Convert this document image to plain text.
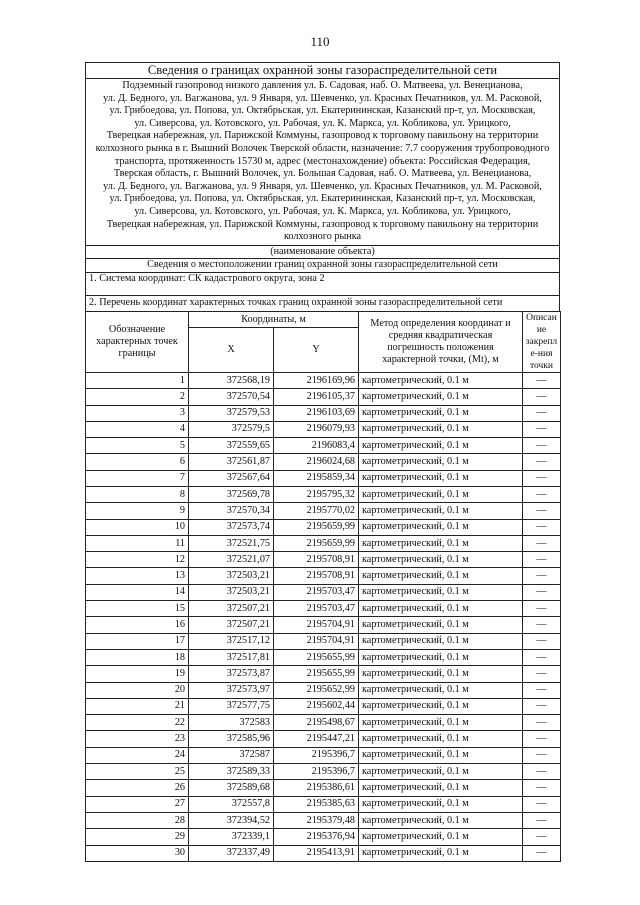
110
Сведения о границах охранной зоны газораспределительной сети

Подземный газопровод низкого давления ул. Б. Садовая, наб. О. Матвеева, ул. Венецианова,
ул. Д. Бедного, ул. Вагжанова, ул. 9 Января, ул. Шевченко, ул. Красных Печатников, ул. М. Расковой,
ул. Грибоедова, ул. Попова, ул. Октябрьская, ул. Екатерининская, Казанский пр-т, ул. Московская,
ул. Сиверсова, ул. Котовского, ул. Рабочая, ул. К. Маркса, ул. Кобликова, ул. Урицкого,
Тверецкая набережная, ул. Парижской Коммуны, газопровод к торговому павильону на территории
колхозного рынка в г. Вышний Волочек Тверской области, назначение: 7.7 сооружения трубопроводного
транспорта, протяженность 15730 м, адрес (местонахождение) объекта: Российская Федерация,
Тверская область, г. Вышний Волочек, ул. Большая Садовая, наб. О. Матвеева, ул. Венецианова,
ул. Д. Бедного, ул. Вагжанова, ул. 9 Января, ул. Шевченко, ул. Красных Печатников, ул. М. Расковой,
ул. Грибоедова, ул. Попова, ул. Октябрьская, ул. Екатерининская, Казанский пр-т, ул. Московская,
ул. Сиверсова, ул. Котовского, ул. Рабочая, ул. К. Маркса, ул. Кобликова, ул. Урицкого,
Тверецкая набережная, ул. Парижской Коммуны, газопровод к торговому павильону на территории
колхозного рынка

(наименование объекта)
Сведения о местоположении границ охранной зоны газораспределительной сети
1. Система координат: СК кадастрового округа, зона 2
2. Перечень координат характерных точках границ охранной зоны газораспределительной сети
Обозначение характерных точек границы	Координаты, м		Метод определения координат и средняя квадратическая погрешность положения характерной точки, (Mt), м	Описание закрепле-ния точки
	X	Y		
1	372568,19	2196169,96	картометрический, 0.1 м	—
2	372570,54	2196105,37	картометрический, 0.1 м	—
3	372579,53	2196103,69	картометрический, 0.1 м	—
4	372579,5	2196079,93	картометрический, 0.1 м	—
5	372559,65	2196083,4	картометрический, 0.1 м	—
6	372561,87	2196024,68	картометрический, 0.1 м	—
7	372567,64	2195859,34	картометрический, 0.1 м	—
8	372569,78	2195795,32	картометрический, 0.1 м	—
9	372570,34	2195770,02	картометрический, 0.1 м	—
10	372573,74	2195659,99	картометрический, 0.1 м	—
11	372521,75	2195659,99	картометрический, 0.1 м	—
12	372521,07	2195708,91	картометрический, 0.1 м	—
13	372503,21	2195708,91	картометрический, 0.1 м	—
14	372503,21	2195703,47	картометрический, 0.1 м	—
15	372507,21	2195703,47	картометрический, 0.1 м	—
16	372507,21	2195704,91	картометрический, 0.1 м	—
17	372517,12	2195704,91	картометрический, 0.1 м	—
18	372517,81	2195655,99	картометрический, 0.1 м	—
19	372573,87	2195655,99	картометрический, 0.1 м	—
20	372573,97	2195652,99	картометрический, 0.1 м	—
21	372577,75	2195602,44	картометрический, 0.1 м	—
22	372583	2195498,67	картометрический, 0.1 м	—
23	372585,96	2195447,21	картометрический, 0.1 м	—
24	372587	2195396,7	картометрический, 0.1 м	—
25	372589,33	2195396,7	картометрический, 0.1 м	—
26	372589,68	2195386,61	картометрический, 0.1 м	—
27	372557,8	2195385,63	картометрический, 0.1 м	—
28	372394,52	2195379,48	картометрический, 0.1 м	—
29	372339,1	2195376,94	картометрический, 0.1 м	—
30	372337,49	2195413,91	картометрический, 0.1 м	—
